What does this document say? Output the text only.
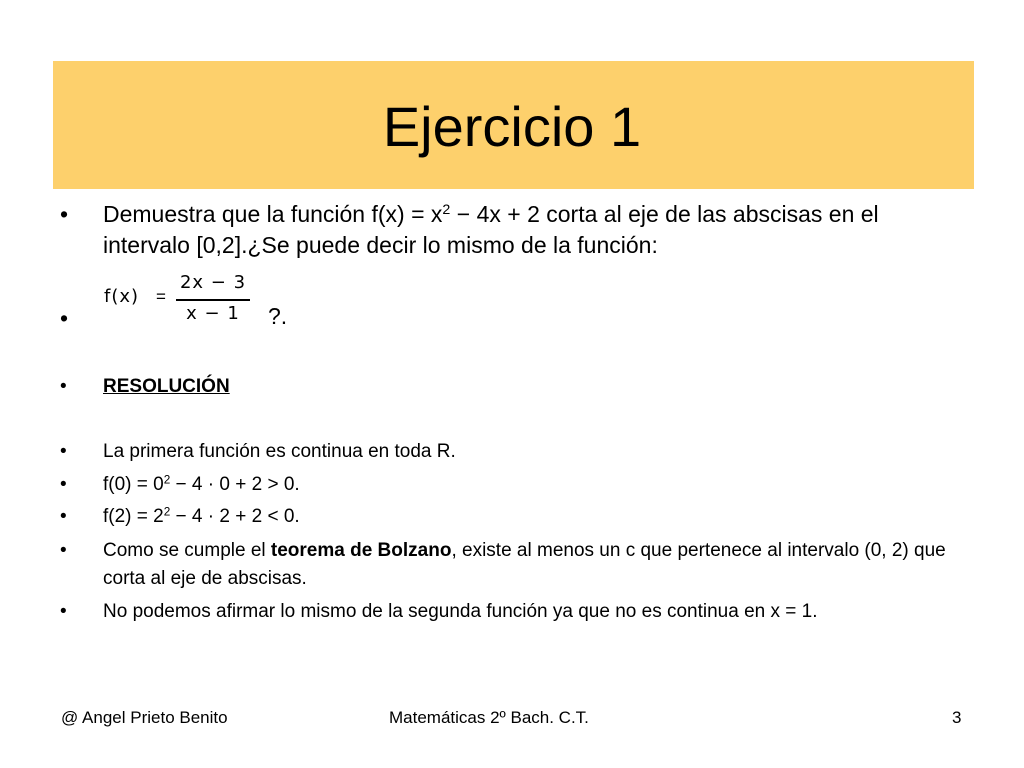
Ejercicio 1
• Demuestra que la función $f(x) = x^2 - 4x + 2$ corta al eje de las abscisas en el intervalo [0,2].¿Se puede decir lo mismo de la función:
f(x) =
2x − 3
x − 1
•	?.
• RESOLUCIÓN
• La primera función es continua en toda R.
• $f(0) = 0^2 - 4 \cdot 0 + 2 > 0$.
• $f(2) = 2^2 - 4 \cdot 2 + 2 < 0$.
• Como se cumple el teorema de Bolzano, existe al menos un c que pertenece al intervalo (0, 2) que corta al eje de abscisas.
• No podemos afirmar lo mismo de la segunda función ya que no es continua en x = 1.
@ Angel Prieto Benito	Matemáticas 2º Bach. C.T.	3
